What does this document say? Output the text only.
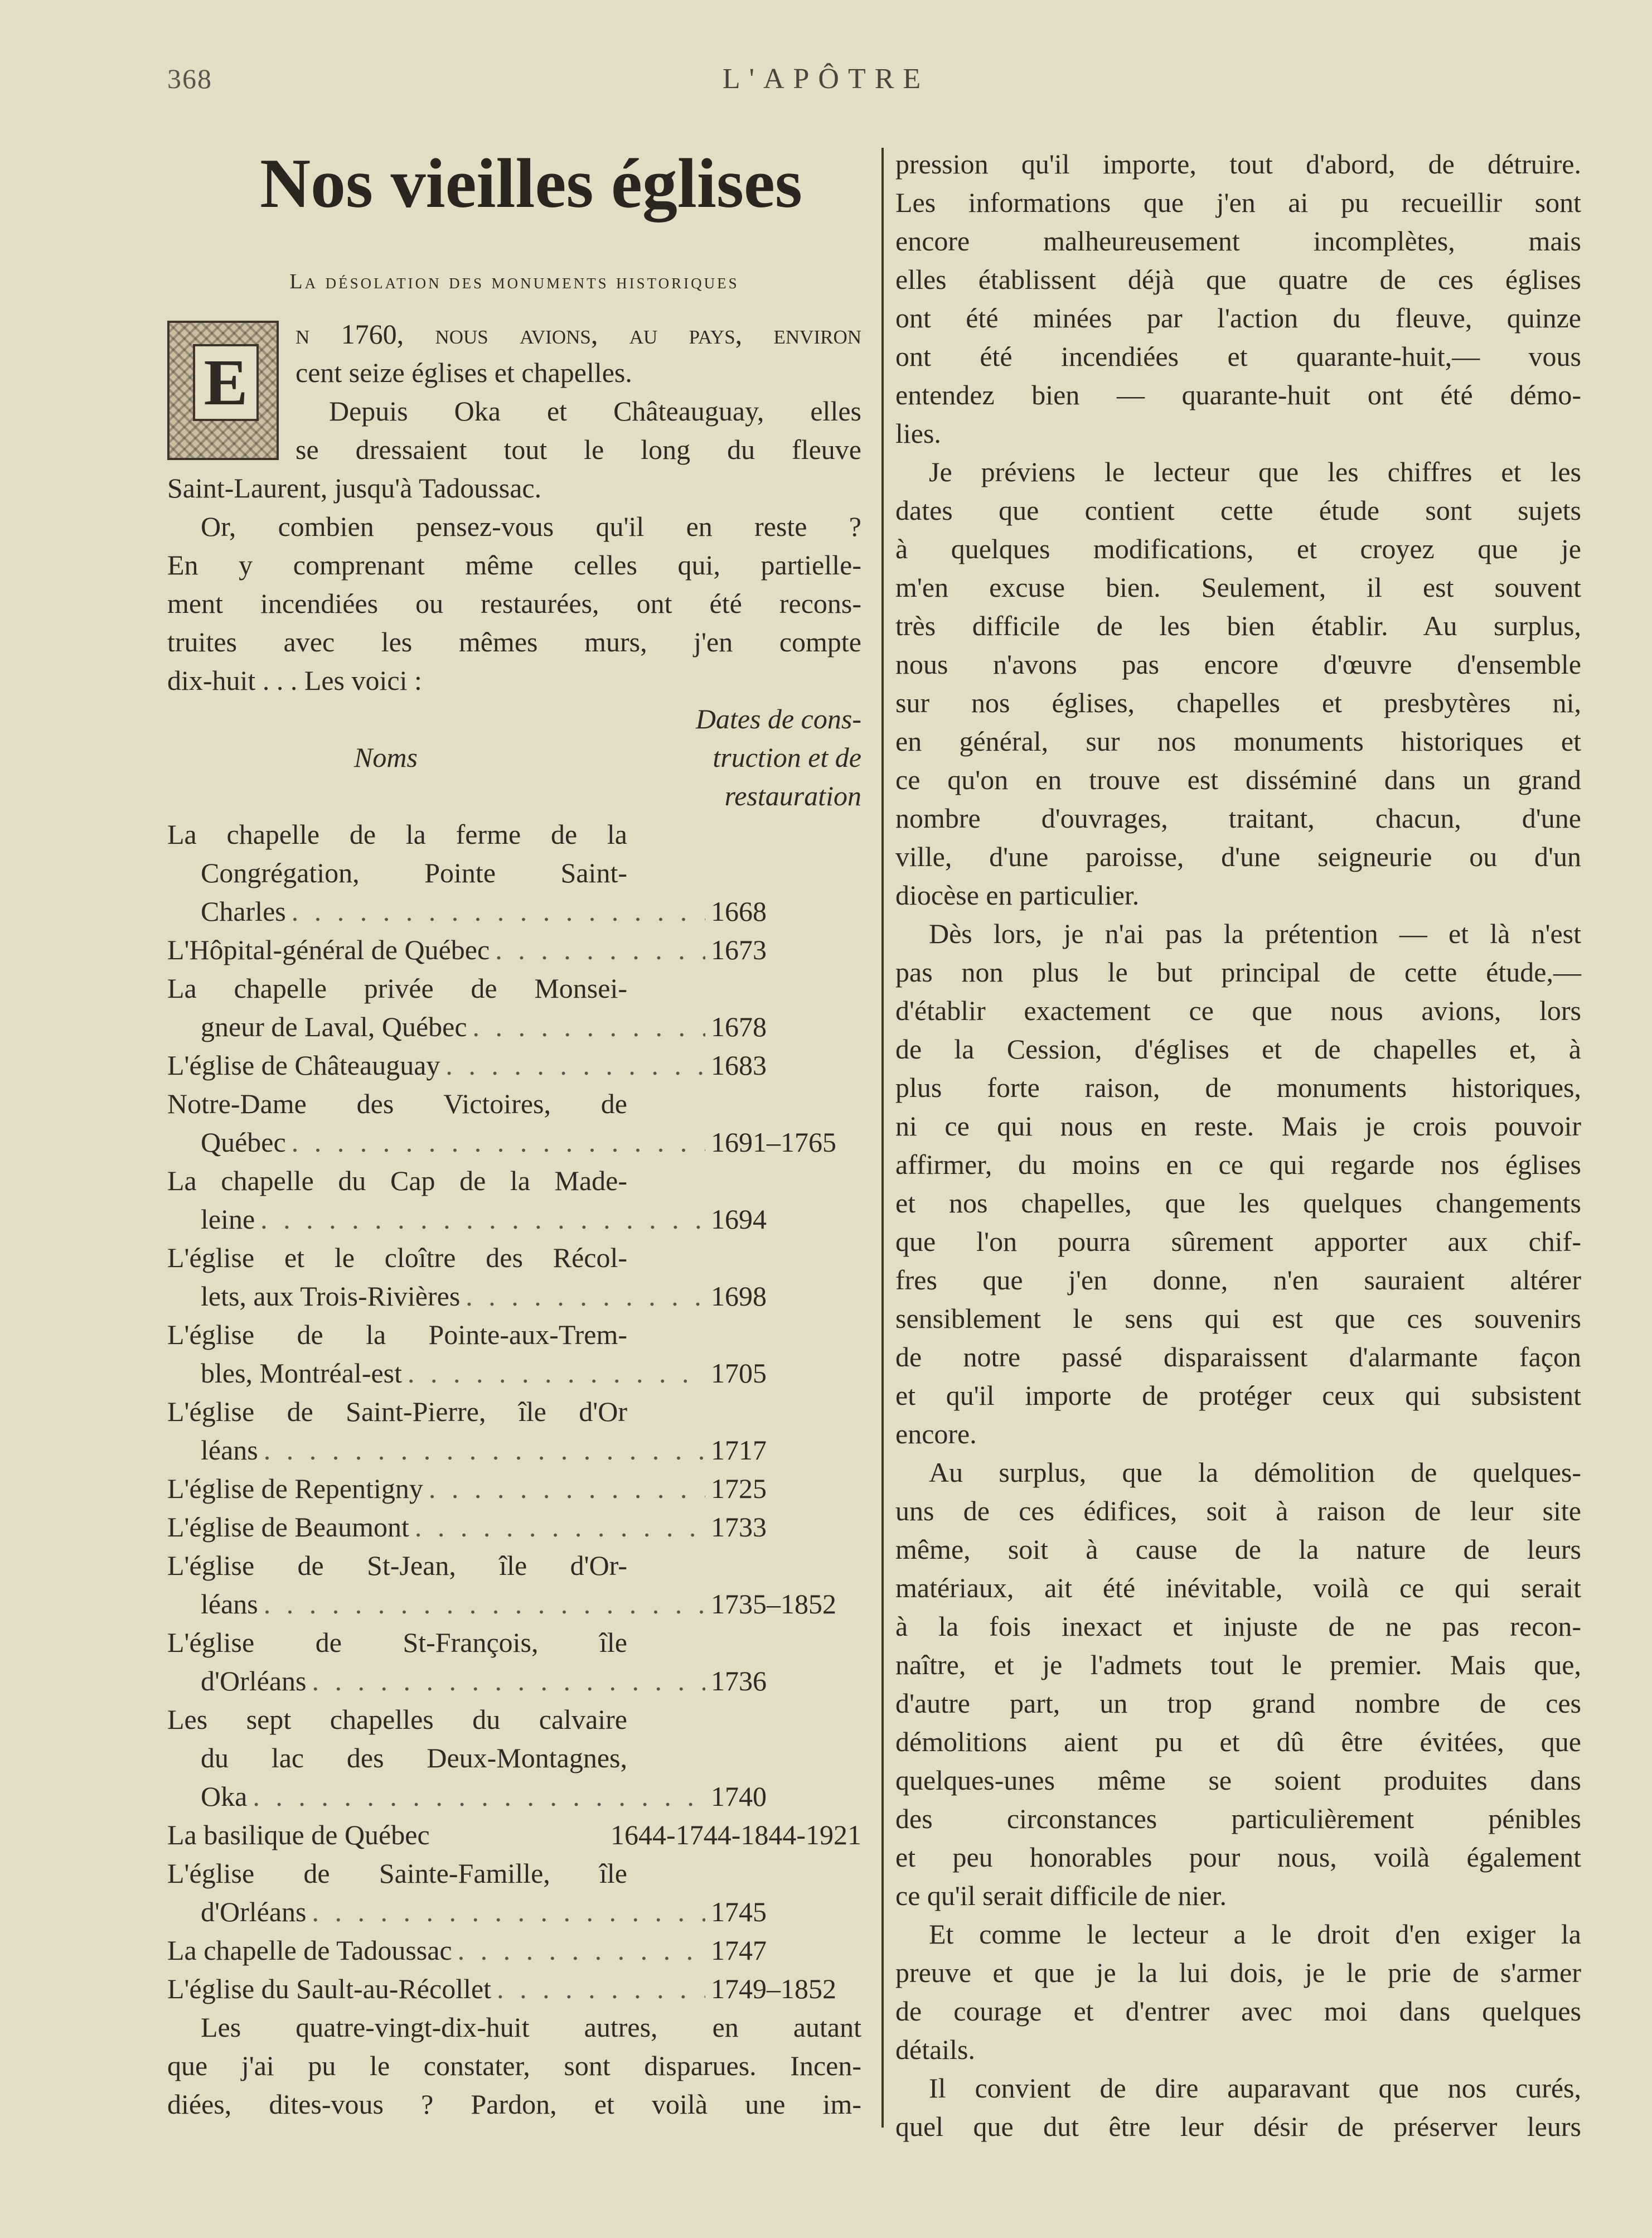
368	L'APÔTRE
Nos vieilles églises
La désolation des monuments historiques
E
n 1760, nous avions, au pays, environ
cent seize églises et chapelles.
Depuis Oka et Châteauguay, elles
se dressaient tout le long du fleuve
Saint-Laurent, jusqu'à Tadoussac.
Or, combien pensez-vous qu'il en reste ?
En y comprenant même celles qui, partielle-
ment incendiées ou restaurées, ont été recons-
truites avec les mêmes murs, j'en compte
dix-huit . . . Les voici :
Noms
Dates de cons-
truction et de
restauration
La chapelle de la ferme de la
Congrégation, Pointe Saint-
Charles . . .	1668
L'Hôpital-général de Québec . . .	1673
La chapelle privée de Monsei-
gneur de Laval, Québec . . .	1678
L'église de Châteauguay . . .	1683
Notre-Dame des Victoires, de
Québec . . .	1691–1765
La chapelle du Cap de la Made-
leine . . .	1694
L'église et le cloître des Récol-
lets, aux Trois-Rivières . . .	1698
L'église de la Pointe-aux-Trem-
bles, Montréal-est . . .	1705
L'église de Saint-Pierre, île d'Or
léans . . .	1717
L'église de Repentigny . . .	1725
L'église de Beaumont . . .	1733
L'église de St-Jean, île d'Or-
léans . . .	1735–1852
L'église de St-François, île
d'Orléans . . .	1736
Les sept chapelles du calvaire
du lac des Deux-Montagnes,
Oka . . .	1740
La basilique de Québec	1644-1744-1844-1921
L'église de Sainte-Famille, île
d'Orléans . . .	1745
La chapelle de Tadoussac . . .	1747
L'église du Sault-au-Récollet . . .	1749–1852
Les quatre-vingt-dix-huit autres, en autant
que j'ai pu le constater, sont disparues. Incen-
diées, dites-vous ? Pardon, et voilà une im-
pression qu'il importe, tout d'abord, de détruire.
Les informations que j'en ai pu recueillir sont
encore malheureusement incomplètes, mais
elles établissent déjà que quatre de ces églises
ont été minées par l'action du fleuve, quinze
ont été incendiées et quarante-huit,— vous
entendez bien — quarante-huit ont été démo-
lies.
Je préviens le lecteur que les chiffres et les
dates que contient cette étude sont sujets
à quelques modifications, et croyez que je
m'en excuse bien. Seulement, il est souvent
très difficile de les bien établir. Au surplus,
nous n'avons pas encore d'œuvre d'ensemble
sur nos églises, chapelles et presbytères ni,
en général, sur nos monuments historiques et
ce qu'on en trouve est disséminé dans un grand
nombre d'ouvrages, traitant, chacun, d'une
ville, d'une paroisse, d'une seigneurie ou d'un
diocèse en particulier.
Dès lors, je n'ai pas la prétention — et là n'est
pas non plus le but principal de cette étude,—
d'établir exactement ce que nous avions, lors
de la Cession, d'églises et de chapelles et, à
plus forte raison, de monuments historiques,
ni ce qui nous en reste. Mais je crois pouvoir
affirmer, du moins en ce qui regarde nos églises
et nos chapelles, que les quelques changements
que l'on pourra sûrement apporter aux chif-
fres que j'en donne, n'en sauraient altérer
sensiblement le sens qui est que ces souvenirs
de notre passé disparaissent d'alarmante façon
et qu'il importe de protéger ceux qui subsistent
encore.
Au surplus, que la démolition de quelques-
uns de ces édifices, soit à raison de leur site
même, soit à cause de la nature de leurs
matériaux, ait été inévitable, voilà ce qui serait
à la fois inexact et injuste de ne pas recon-
naître, et je l'admets tout le premier. Mais que,
d'autre part, un trop grand nombre de ces
démolitions aient pu et dû être évitées, que
quelques-unes même se soient produites dans
des circonstances particulièrement pénibles
et peu honorables pour nous, voilà également
ce qu'il serait difficile de nier.
Et comme le lecteur a le droit d'en exiger la
preuve et que je la lui dois, je le prie de s'armer
de courage et d'entrer avec moi dans quelques
détails.
Il convient de dire auparavant que nos curés,
quel que dut être leur désir de préserver leurs
